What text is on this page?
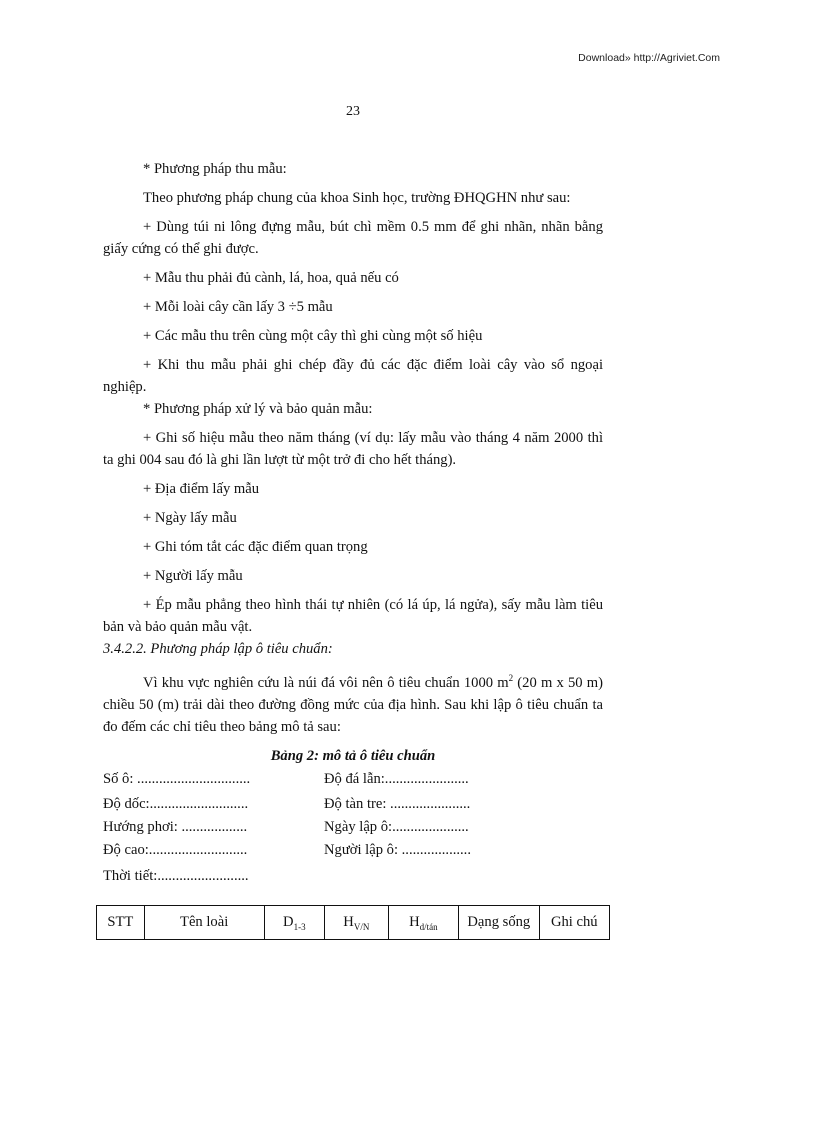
Download» http://Agriviet.Com
23

* Phương pháp thu mẫu:

Theo phương pháp chung của khoa Sinh học, trường ĐHQGHN như sau:

+ Dùng túi ni lông đựng mẫu, bút chì mềm 0.5 mm để ghi nhãn, nhãn bằng giấy cứng có thể ghi được.

+ Mẫu thu phải đủ cành, lá, hoa, quả nếu có

+ Mỗi loài cây cần lấy 3 ÷5 mẫu

+ Các mẫu thu trên cùng một cây thì ghi cùng một số hiệu

+ Khi thu mẫu phải ghi chép đầy đủ các đặc điểm loài cây vào sổ ngoại nghiệp.

* Phương pháp xử lý và bảo quản mẫu:

+ Ghi số hiệu mẫu theo năm tháng (ví dụ: lấy mẫu vào tháng 4 năm 2000 thì ta ghi 004 sau đó là ghi lần lượt từ một trở đi cho hết tháng).

+ Địa điểm lấy mẫu

+ Ngày lấy mẫu

+ Ghi tóm tắt các đặc điểm quan trọng

+ Người lấy mẫu

+ Ép mẫu phẳng theo hình thái tự nhiên (có lá úp, lá ngửa), sấy mẫu làm tiêu bản và bảo quản mẫu vật.

3.4.2.2. Phương pháp lập ô tiêu chuẩn:

Vì khu vực nghiên cứu là núi đá vôi nên ô tiêu chuẩn 1000 $m^2$ (20 m x 50 m) chiều 50 (m) trải dài theo đường đồng mức của địa hình. Sau khi lập ô tiêu chuẩn ta đo đếm các chỉ tiêu theo bảng mô tả sau:

Bảng 2: mô tả ô tiêu chuẩn
Số ô: ...............................	Độ đá lẫn:.......................
Độ dốc:...........................	Độ tàn tre: ......................
Hướng phơi: ..................	Ngày lập ô:.....................
Độ cao:...........................	Người lập ô: ...................
Thời tiết:.........................
STT	Tên loài	$D_{1-3}$	$H_{V/N}$	$H_{d/tán}$	Dạng sống	Ghi chú
